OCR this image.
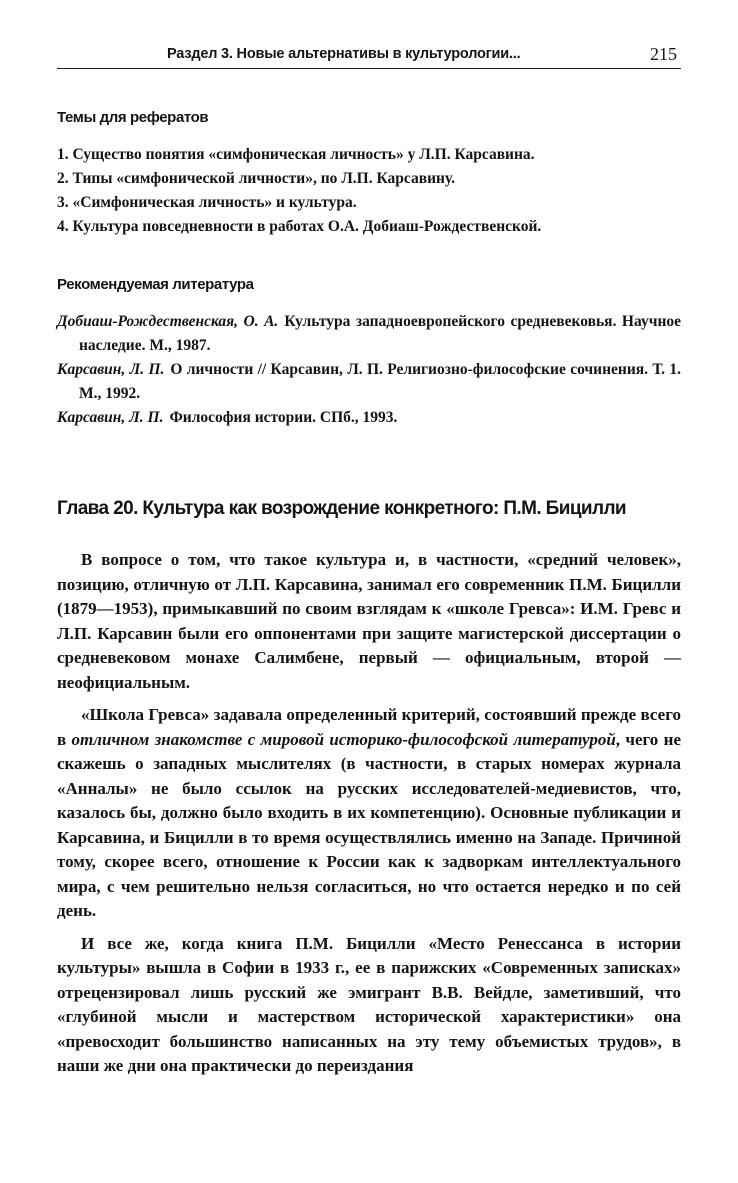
Раздел 3. Новые альтернативы в культурологии...	215
Темы для рефератов
1. Существо понятия «симфоническая личность» у Л.П. Карсавина.
2. Типы «симфонической личности», по Л.П. Карсавину.
3. «Симфоническая личность» и культура.
4. Культура повседневности в работах О.А. Добиаш-Рождественской.
Рекомендуемая литература
Добиаш-Рождественская, О. А. Культура западноевропейского средневековья. Научное наследие. М., 1987.
Карсавин, Л. П. О личности // Карсавин, Л. П. Религиозно-философские сочинения. Т. 1. М., 1992.
Карсавин, Л. П. Философия истории. СПб., 1993.
Глава 20. Культура как возрождение конкретного: П.М. Бицилли

В вопросе о том, что такое культура и, в частности, «средний человек», позицию, отличную от Л.П. Карсавина, занимал его современник П.М. Бицилли (1879—1953), примыкавший по своим взглядам к «школе Гревса»: И.М. Гревс и Л.П. Карсавин были его оппонентами при защите магистерской диссертации о средневековом монахе Салимбене, первый — официальным, второй — неофициальным.

«Школа Гревса» задавала определенный критерий, состоявший прежде всего в отличном знакомстве с мировой историко-философской литературой, чего не скажешь о западных мыслителях (в частности, в старых номерах журнала «Анналы» не было ссылок на русских исследователей-медиевистов, что, казалось бы, должно было входить в их компетенцию). Основные публикации и Карсавина, и Бицилли в то время осуществлялись именно на Западе. Причиной тому, скорее всего, отношение к России как к задворкам интеллектуального мира, с чем решительно нельзя согласиться, но что остается нередко и по сей день.

И все же, когда книга П.М. Бицилли «Место Ренессанса в истории культуры» вышла в Софии в 1933 г., ее в парижских «Современных записках» отрецензировал лишь русский же эмигрант В.В. Вейдле, заметивший, что «глубиной мысли и мастерством исторической характеристики» она «превосходит большинство написанных на эту тему объемистых трудов», в наши же дни она практически до переиздания
